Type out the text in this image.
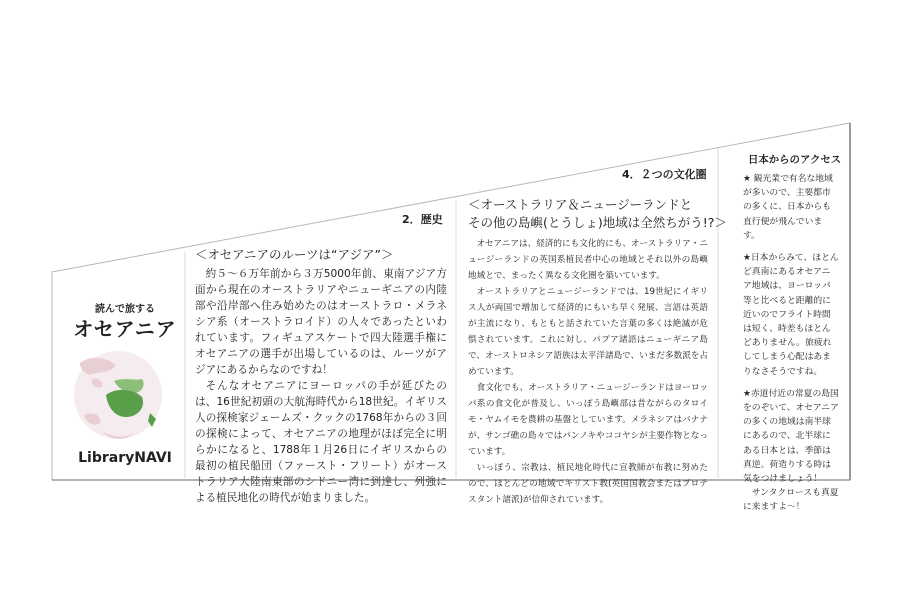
読んで旅する
オセアニア
LibraryNAVI
2．歴史
＜オセアニアのルーツは“アジア”＞

約５～６万年前から３万5000年前、東南アジア方面から現在のオーストラリアやニューギニアの内陸部や沿岸部へ住み始めたのはオーストラロ・メラネシア系（オーストラロイド）の人々であったといわれています。フィギュアスケートで四大陸選手権にオセアニアの選手が出場しているのは、ルーツがアジアにあるからなのですね！

そんなオセアニアにヨーロッパの手が延びたのは、16世紀初頭の大航海時代から18世紀。イギリス人の探検家ジェームズ・クックの1768年からの３回の探検によって、オセアニアの地理がほぼ完全に明らかになると、1788年１月26日にイギリスからの最初の植民船団（ファースト・フリート）がオーストラリア大陸南東部のシドニー湾に到達し、列強による植民地化の時代が始まりました。

4．２つの文化圏
＜オーストラリア＆ニュージーランドと
その他の島嶼(とうしょ)地域は全然ちがう!?＞

オセアニアは、経済的にも文化的にも、オーストラリア・ニュージーランドの英国系植民者中心の地域とそれ以外の島嶼地域とで、まったく異なる文化圏を築いています。

オーストラリアとニュージーランドでは、19世紀にイギリス人が両国で増加して経済的にもいち早く発展、言語は英語が主流になり、もともと話されていた言葉の多くは絶滅が危惧されています。これに対し、パプア諸語はニューギニア島で、オーストロネシア語族は太平洋諸島で、いまだ多数派を占めています。

食文化でも、オーストラリア・ニュージーランドはヨーロッパ系の食文化が普及し、いっぽう島嶼部は昔ながらのタロイモ・ヤムイモを農耕の基盤としています。メラネシアはバナナが、サンゴ礁の島々ではパンノキやココヤシが主要作物となっています。

いっぽう、宗教は、植民地化時代に宣教師が布教に努めたので、ほとんどの地域でキリスト教(英国国教会またはプロテスタント諸派)が信仰されています。

日本からのアクセス

★ 観光業で有名な地域が多いので、主要都市の多くに、日本からも直行便が飛んでいます。

★日本からみて、ほとんど真南にあるオセアニア地域は、ヨーロッパ等と比べると距離的に近いのでフライト時間は短く、時差もほとんどありません。旅疲れしてしまう心配はあまりなさそうですね。

★赤道付近の常夏の島国をのぞいて、オセアニアの多くの地域は南半球にあるので、北半球にある日本とは、季節は真逆。荷造りする時は気をつけましょう！

サンタクロースも真夏に来ますよ～！
